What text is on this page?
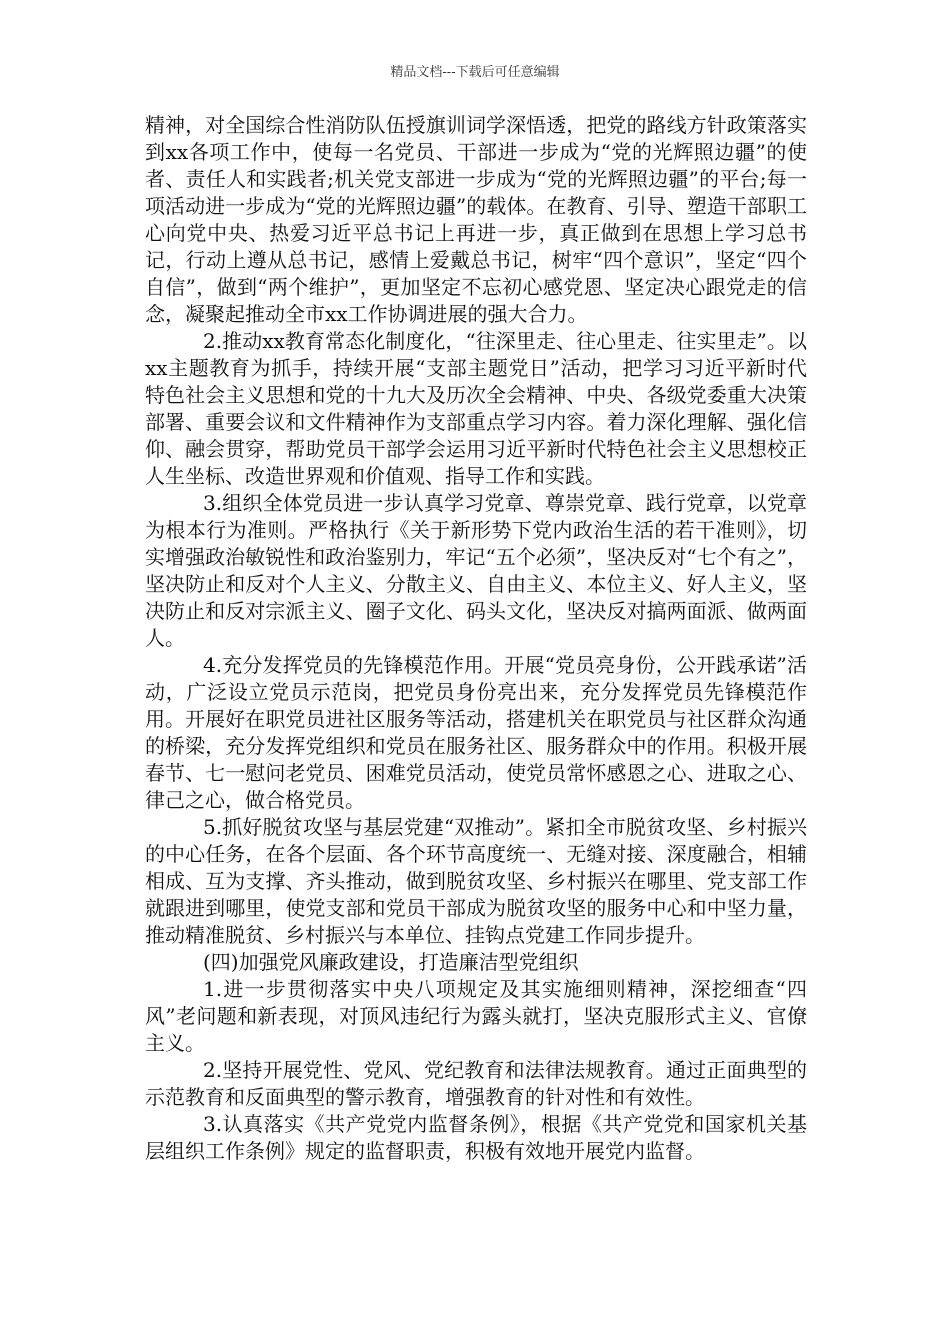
精品文档---下载后可任意编辑

精神，对全国综合性消防队伍授旗训词学深悟透，把党的路线方针政策落实到xx各项工作中，使每一名党员、干部进一步成为“党的光辉照边疆”的使者、责任人和实践者;机关党支部进一步成为“党的光辉照边疆”的平台;每一项活动进一步成为“党的光辉照边疆”的载体。在教育、引导、塑造干部职工心向党中央、热爱习近平总书记上再进一步，真正做到在思想上学习总书记，行动上遵从总书记，感情上爱戴总书记，树牢“四个意识”，坚定“四个自信”，做到“两个维护”，更加坚定不忘初心感党恩、坚定决心跟党走的信念，凝聚起推动全市xx工作协调进展的强大合力。

2.推动xx教育常态化制度化，“往深里走、往心里走、往实里走”。以xx主题教育为抓手，持续开展“支部主题党日”活动，把学习习近平新时代特色社会主义思想和党的十九大及历次全会精神、中央、各级党委重大决策部署、重要会议和文件精神作为支部重点学习内容。着力深化理解、强化信仰、融会贯穿，帮助党员干部学会运用习近平新时代特色社会主义思想校正人生坐标、改造世界观和价值观、指导工作和实践。

3.组织全体党员进一步认真学习党章、尊崇党章、践行党章，以党章为根本行为准则。严格执行《关于新形势下党内政治生活的若干准则》，切实增强政治敏锐性和政治鉴别力，牢记“五个必须”，坚决反对“七个有之”，坚决防止和反对个人主义、分散主义、自由主义、本位主义、好人主义，坚决防止和反对宗派主义、圈子文化、码头文化，坚决反对搞两面派、做两面人。

4.充分发挥党员的先锋模范作用。开展“党员亮身份，公开践承诺”活动，广泛设立党员示范岗，把党员身份亮出来，充分发挥党员先锋模范作用。开展好在职党员进社区服务等活动，搭建机关在职党员与社区群众沟通的桥梁，充分发挥党组织和党员在服务社区、服务群众中的作用。积极开展春节、七一慰问老党员、困难党员活动，使党员常怀感恩之心、进取之心、律己之心，做合格党员。

5.抓好脱贫攻坚与基层党建“双推动”。紧扣全市脱贫攻坚、乡村振兴的中心任务，在各个层面、各个环节高度统一、无缝对接、深度融合，相辅相成、互为支撑、齐头推动，做到脱贫攻坚、乡村振兴在哪里、党支部工作就跟进到哪里，使党支部和党员干部成为脱贫攻坚的服务中心和中坚力量，推动精准脱贫、乡村振兴与本单位、挂钩点党建工作同步提升。

(四)加强党风廉政建设，打造廉洁型党组织

1.进一步贯彻落实中央八项规定及其实施细则精神，深挖细查“四风”老问题和新表现，对顶风违纪行为露头就打，坚决克服形式主义、官僚主义。

2.坚持开展党性、党风、党纪教育和法律法规教育。通过正面典型的示范教育和反面典型的警示教育，增强教育的针对性和有效性。

3.认真落实《共产党党内监督条例》，根据《共产党党和国家机关基层组织工作条例》规定的监督职责，积极有效地开展党内监督。
